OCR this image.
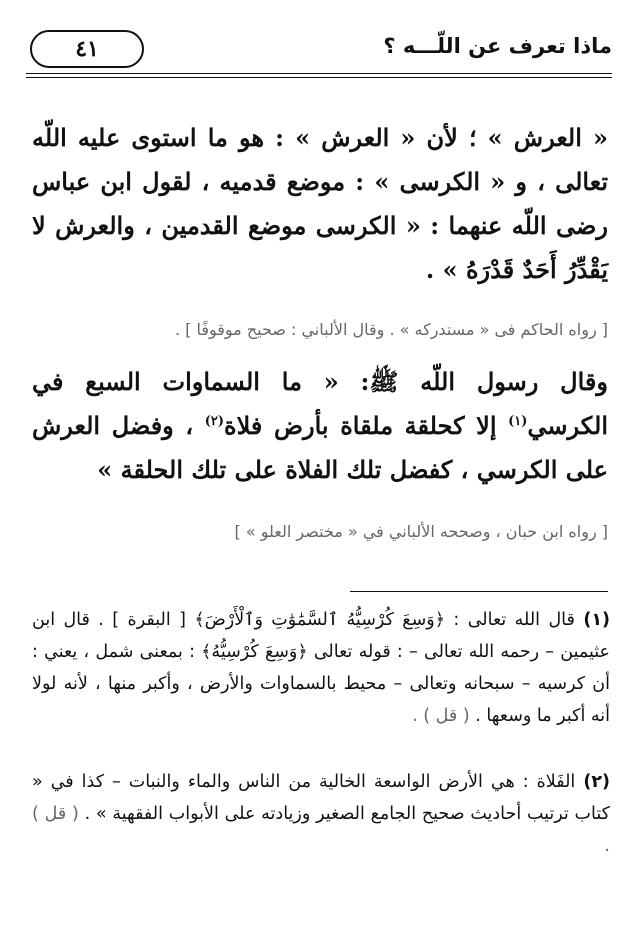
ماذا تعرف عن اللّـــه ؟
٤١

« العرش » ؛ لأن « العرش » : هو ما استوى عليه اللّه تعالى ، و « الكرسى » : موضع قدميه ، لقول ابن عباس رضى اللّه عنهما : « الكرسى موضع القدمين ، والعرش لا يَقْدِّرُ أَحَدٌ قَدْرَهُ » .

[ رواه الحاكم فى « مستدركه » . وقال الألباني : صحيح موقوفًا ] .

وقال رسول اللّه ﷺ: « ما السماوات السبع في الكرسي$^{(١)}$ إلا كحلقة ملقاة بأرض فلاة$^{(٢)}$ ، وفضل العرش على الكرسي ، كفضل تلك الفلاة على تلك الحلقة »

[ رواه ابن حبان ، وصححه الألباني في « مختصر العلو » ]

(١) قال الله تعالى : ﴿وَسِعَ كُرْسِيُّهُ ٱلسَّمَٰوَٰتِ وَٱلْأَرْضَ﴾ [ البقرة ] . قال ابن عثيمين – رحمه الله تعالى – : قوله تعالى ﴿وَسِعَ كُرْسِيُّهُ﴾ : بمعنى شمل ، يعني : أن كرسيه – سبحانه وتعالى – محيط بالسماوات والأرض ، وأكبر منها ، لأنه لولا أنه أكبر ما وسعها . ( قل ) .

(٢) الفَلاة : هي الأرض الواسعة الخالية من الناس والماء والنبات – كذا في « كتاب ترتيب أحاديث صحيح الجامع الصغير وزيادته على الأبواب الفقهية » . ( قل ) .
